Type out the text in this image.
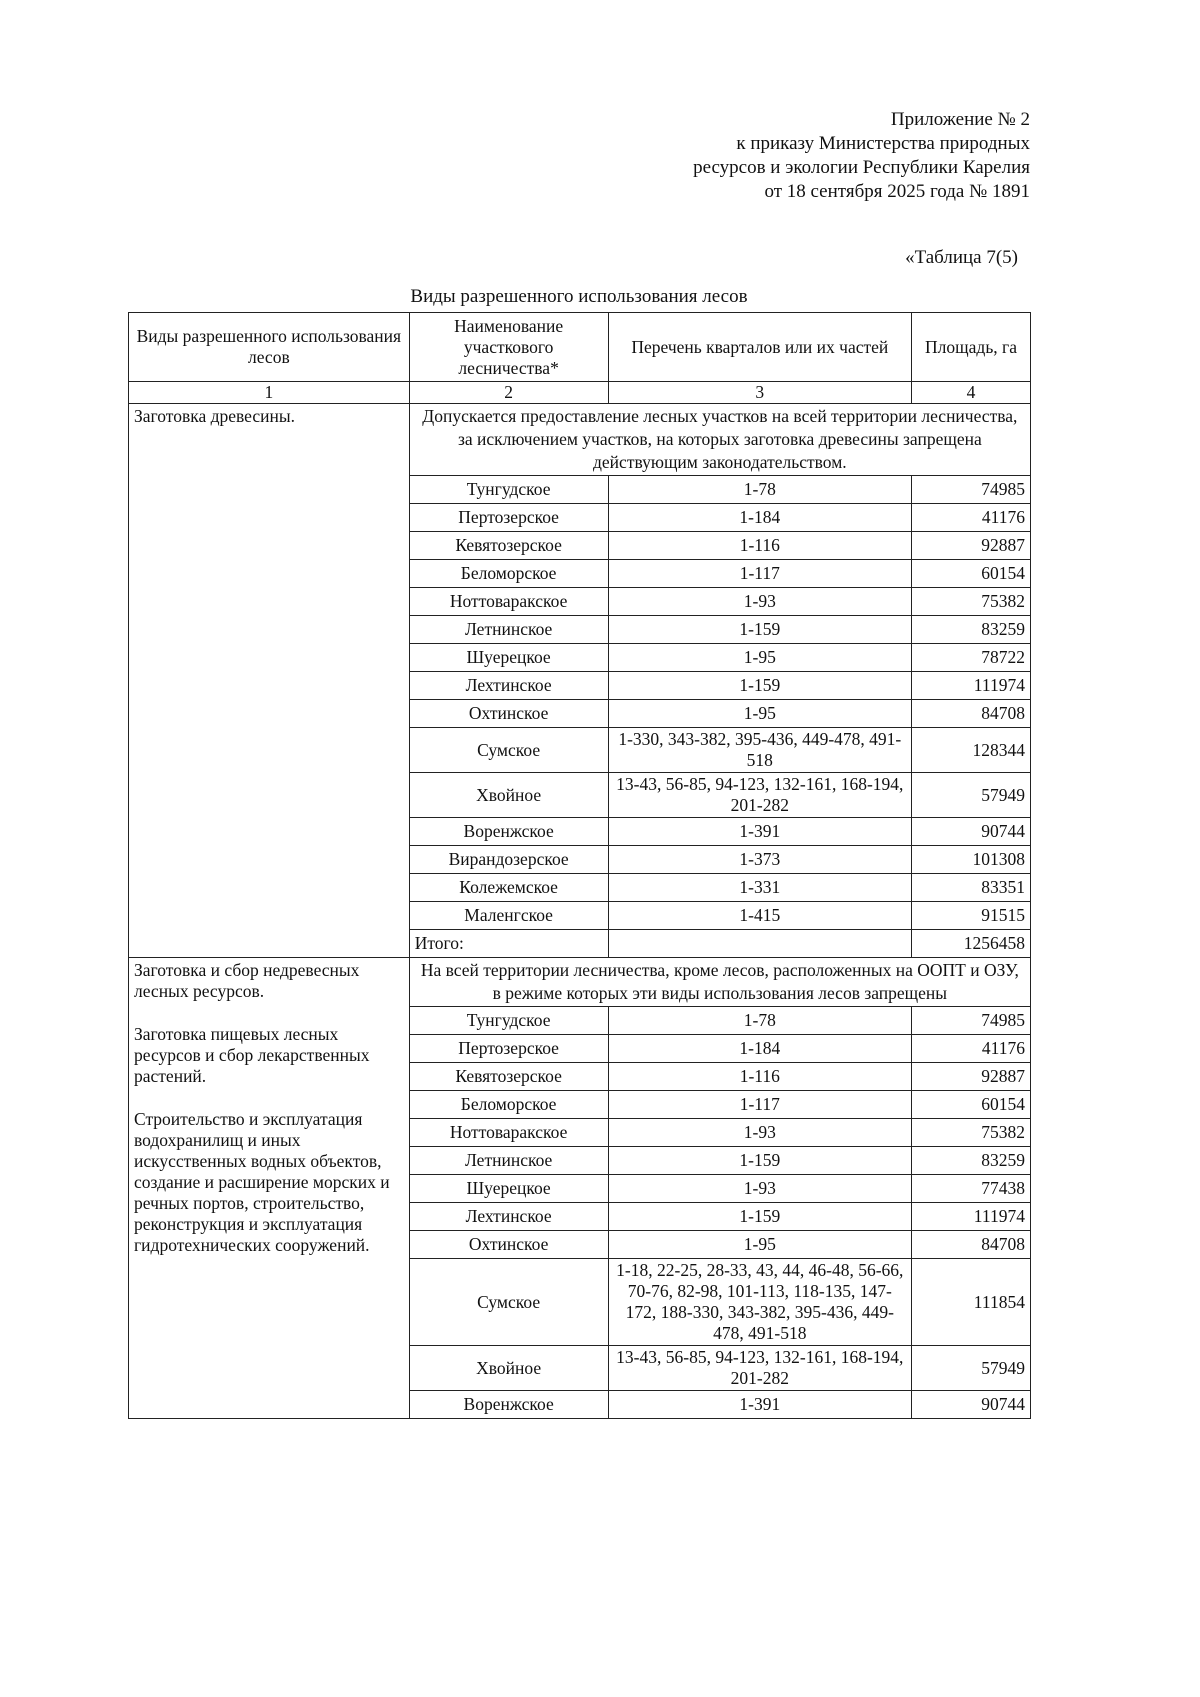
Приложение № 2
к приказу Министерства природных
ресурсов и экологии Республики Карелия
от 18 сентября 2025 года № 1891
«Таблица 7(5)
Виды разрешенного использования лесов
Виды разрешенного использования лесов	Наименование участкового лесничества*	Перечень кварталов или их частей	Площадь, га
1	2	3	4
Заготовка древесины.	Допускается предоставление лесных участков на всей территории лесничества, за исключением участков, на которых заготовка древесины запрещена действующим законодательством.		
	Тунгудское	1-78	74985
	Пертозерское	1-184	41176
	Кевятозерское	1-116	92887
	Беломорское	1-117	60154
	Ноттоваракское	1-93	75382
	Летнинское	1-159	83259
	Шуерецкое	1-95	78722
	Лехтинское	1-159	111974
	Охтинское	1-95	84708
	Сумское	1-330, 343-382, 395-436, 449-478, 491-518	128344
	Хвойное	13-43, 56-85, 94-123, 132-161, 168-194, 201-282	57949
	Воренжское	1-391	90744
	Вирандозерское	1-373	101308
	Колежемское	1-331	83351
	Маленгское	1-415	91515
	Итого:		1256458

Заготовка и сбор недревесных лесных ресурсов.

Заготовка пищевых лесных ресурсов и сбор лекарственных растений.

Строительство и эксплуатация водохранилищ и иных искусственных водных объектов, создание и расширение морских и речных портов, строительство, реконструкция и эксплуатация гидротехнических сооружений.	На всей территории лесничества, кроме лесов, расположенных на ООПТ и ОЗУ, в режиме которых эти виды использования лесов запрещены		
	Тунгудское	1-78	74985
	Пертозерское	1-184	41176
	Кевятозерское	1-116	92887
	Беломорское	1-117	60154
	Ноттоваракское	1-93	75382
	Летнинское	1-159	83259
	Шуерецкое	1-93	77438
	Лехтинское	1-159	111974
	Охтинское	1-95	84708
	Сумское	1-18, 22-25, 28-33, 43, 44, 46-48, 56-66, 70-76, 82-98, 101-113, 118-135, 147-172, 188-330, 343-382, 395-436, 449-478, 491-518	111854
	Хвойное	13-43, 56-85, 94-123, 132-161, 168-194, 201-282	57949
	Воренжское	1-391	90744
